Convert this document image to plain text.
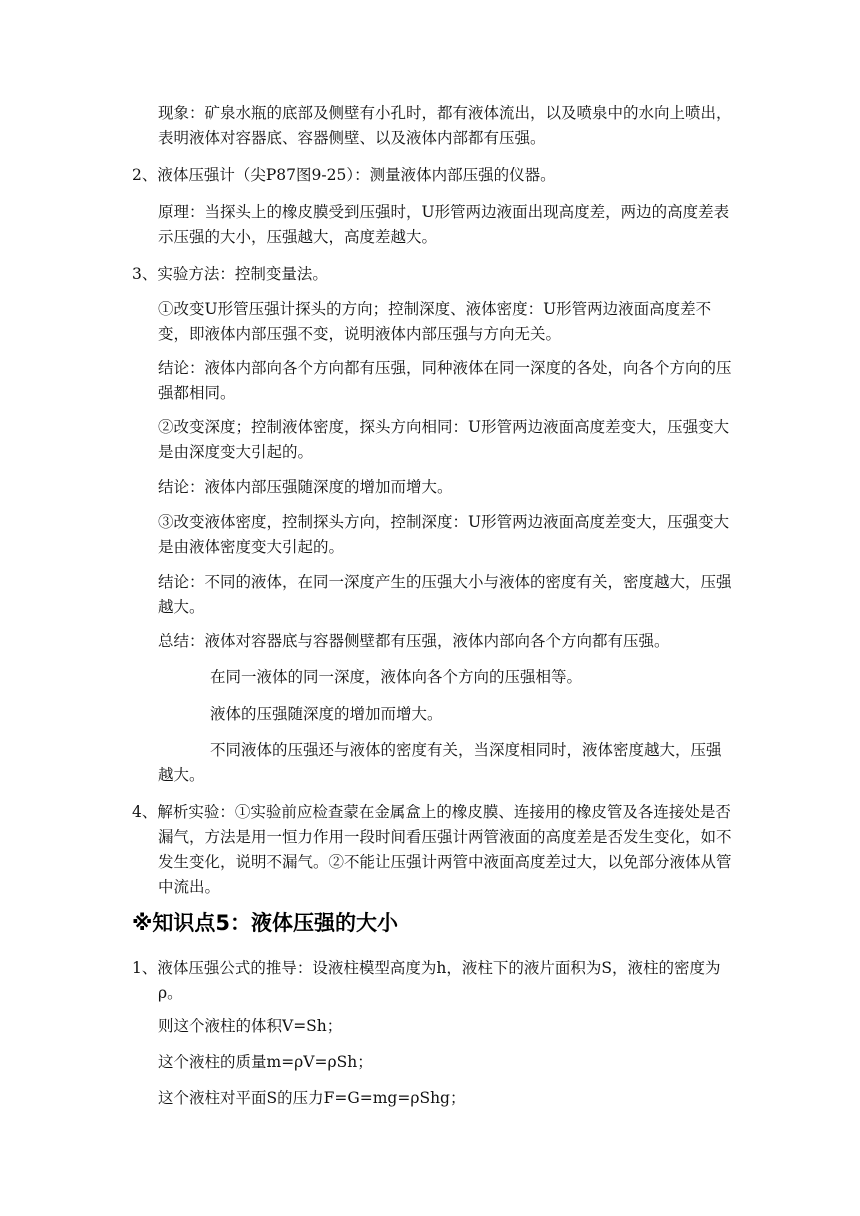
现象：矿泉水瓶的底部及侧壁有小孔时，都有液体流出，以及喷泉中的水向上喷出，表明液体对容器底、容器侧壁、以及液体内部都有压强。
2、液体压强计（尖P87图9-25）：测量液体内部压强的仪器。
原理：当探头上的橡皮膜受到压强时，U形管两边液面出现高度差，两边的高度差表示压强的大小，压强越大，高度差越大。
3、实验方法：控制变量法。
①改变U形管压强计探头的方向；控制深度、液体密度：U形管两边液面高度差不变，即液体内部压强不变，说明液体内部压强与方向无关。
结论：液体内部向各个方向都有压强，同种液体在同一深度的各处，向各个方向的压强都相同。
②改变深度；控制液体密度，探头方向相同：U形管两边液面高度差变大，压强变大是由深度变大引起的。
结论：液体内部压强随深度的增加而增大。
③改变液体密度，控制探头方向，控制深度：U形管两边液面高度差变大，压强变大是由液体密度变大引起的。
结论：不同的液体，在同一深度产生的压强大小与液体的密度有关，密度越大，压强越大。
总结：液体对容器底与容器侧壁都有压强，液体内部向各个方向都有压强。
在同一液体的同一深度，液体向各个方向的压强相等。
液体的压强随深度的增加而增大。
不同液体的压强还与液体的密度有关，当深度相同时，液体密度越大，压强越大。
4、解析实验：①实验前应检查蒙在金属盒上的橡皮膜、连接用的橡皮管及各连接处是否漏气，方法是用一恒力作用一段时间看压强计两管液面的高度差是否发生变化，如不发生变化，说明不漏气。②不能让压强计两管中液面高度差过大，以免部分液体从管中流出。
※知识点5：液体压强的大小
1、液体压强公式的推导：设液柱模型高度为h，液柱下的液片面积为S，液柱的密度为ρ。
则这个液柱的体积V=Sh；
这个液柱的质量m=ρV=ρSh；
这个液柱对平面S的压力F=G=mg=ρShg；
